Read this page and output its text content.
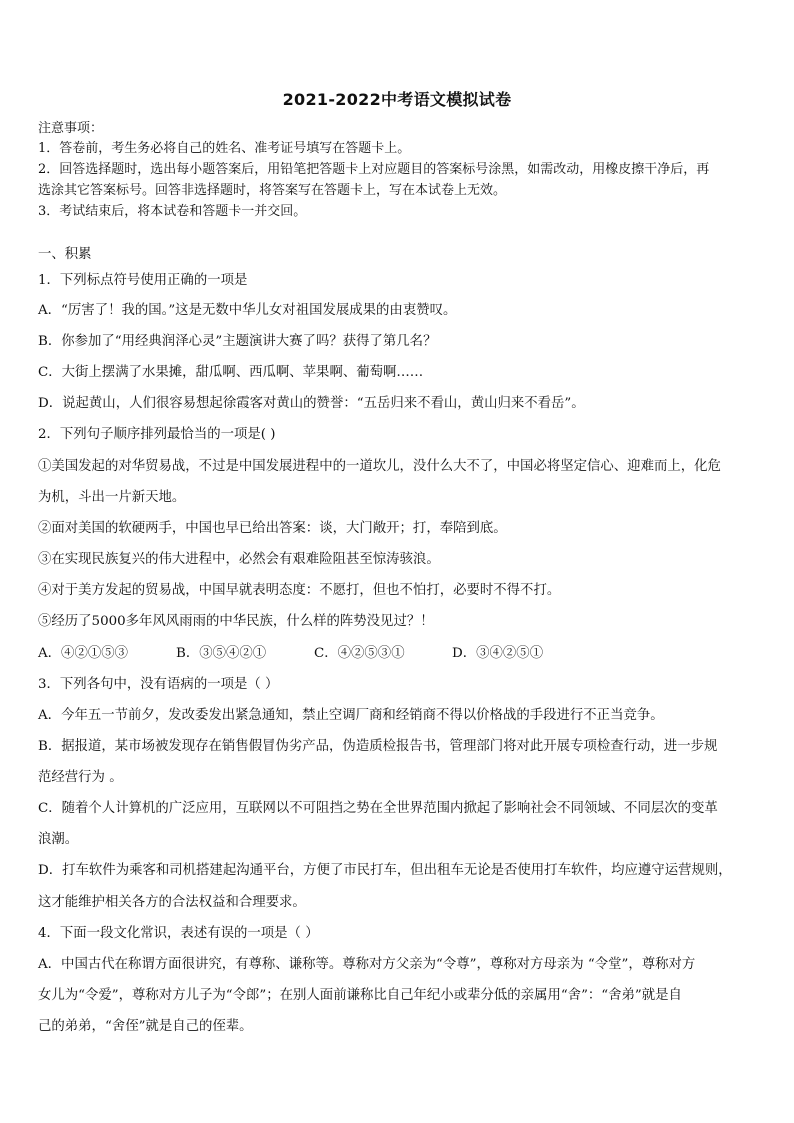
2021-2022中考语文模拟试卷
注意事项：
1．答卷前，考生务必将自己的姓名、准考证号填写在答题卡上。
2．回答选择题时，选出每小题答案后，用铅笔把答题卡上对应题目的答案标号涂黑，如需改动，用橡皮擦干净后，再
选涂其它答案标号。回答非选择题时，将答案写在答题卡上，写在本试卷上无效。
3．考试结束后，将本试卷和答题卡一并交回。
一、积累
1．下列标点符号使用正确的一项是
A．“厉害了！我的国。”这是无数中华儿女对祖国发展成果的由衷赞叹。
B．你参加了“用经典润泽心灵”主题演讲大赛了吗？获得了第几名？
C．大街上摆满了水果摊，甜瓜啊、西瓜啊、苹果啊、葡萄啊……
D．说起黄山，人们很容易想起徐霞客对黄山的赞誉：“五岳归来不看山，黄山归来不看岳”。
2．下列句子顺序排列最恰当的一项是( )
①美国发起的对华贸易战，不过是中国发展进程中的一道坎儿，没什么大不了，中国必将坚定信心、迎难而上，化危
为机，斗出一片新天地。
②面对美国的软硬两手，中国也早已给出答案：谈，大门敞开；打，奉陪到底。
③在实现民族复兴的伟大进程中，必然会有艰难险阻甚至惊涛骇浪。
④对于美方发起的贸易战，中国早就表明态度：不愿打，但也不怕打，必要时不得不打。
⑤经历了5000多年风风雨雨的中华民族，什么样的阵势没见过？！
A．④②①⑤③	B．③⑤④②①	C．④②⑤③①	D．③④②⑤①
3．下列各句中，没有语病的一项是（ ）
A．今年五一节前夕，发改委发出紧急通知，禁止空调厂商和经销商不得以价格战的手段进行不正当竞争。
B．据报道，某市场被发现存在销售假冒伪劣产品，伪造质检报告书，管理部门将对此开展专项检查行动，进一步规
范经营行为 。
C．随着个人计算机的广泛应用，互联网以不可阻挡之势在全世界范围内掀起了影响社会不同领域、不同层次的变革
浪潮。
D．打车软件为乘客和司机搭建起沟通平台，方便了市民打车，但出租车无论是否使用打车软件，均应遵守运营规则，
这才能维护相关各方的合法权益和合理要求。
4．下面一段文化常识，表述有误的一项是（ ）
A．中国古代在称谓方面很讲究，有尊称、谦称等。尊称对方父亲为“令尊”，尊称对方母亲为 “令堂”，尊称对方
女儿为“令爱”，尊称对方儿子为“令郎”；在别人面前谦称比自己年纪小或辈分低的亲属用“舍”：“舍弟”就是自
己的弟弟，“舍侄”就是自己的侄辈。
